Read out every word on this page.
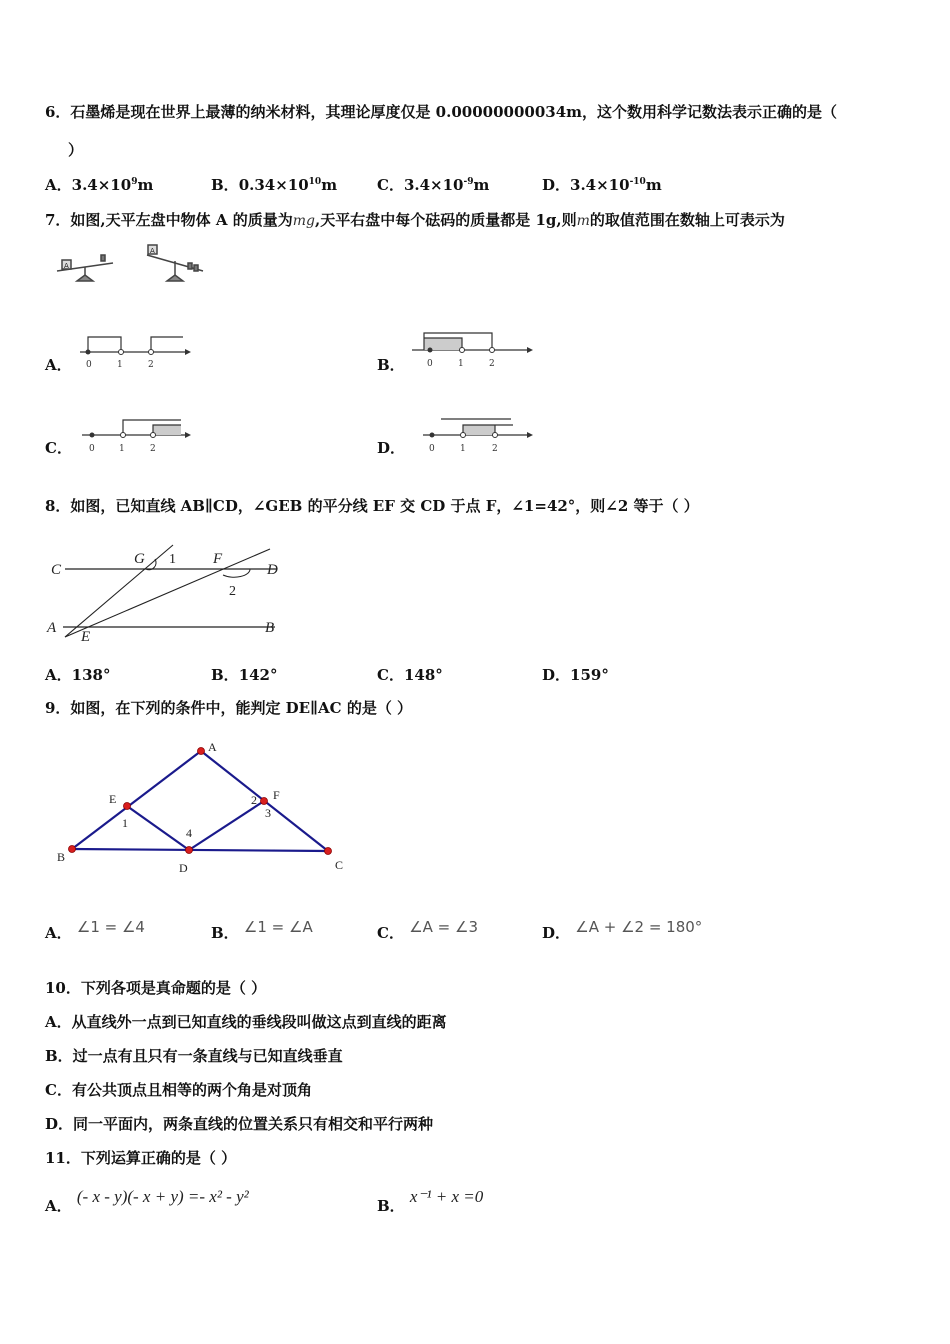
6．石墨烯是现在世界上最薄的纳米材料，其理论厚度仅是 0.00000000034m，这个数用科学记数法表示正确的是（
）
A．$3.4\times 10^9m$	B．$0.34\times 10^{10}m$	C．$3.4\times 10^{-9}m$	D．$3.4\times 10^{-10}m$
7．如图,天平左盘中物体 A 的质量为mg,天平右盘中每个砝码的质量都是 1g,则m的取值范围在数轴上可表示为
A
A
A． 0	1	2	B． 0	1	2
C． 0	1	2	D．	0	1	2
8．如图，已知直线 AB∥CD，∠GEB 的平分线 EF 交 CD 于点 F，∠1=42°，则∠2 等于（ ）
C
G 1 F
D
2
A
E
B
A．138°	B．142°	C．148°	D．159°
9．如图，在下列的条件中，能判定 DE∥AC 的是（ ）
A
E
1
2 F
3
4
B
D	C
A． ∠1 = ∠4	B． ∠1 = ∠A	C． ∠A = ∠3	D． ∠A + ∠2 = 180°
10．下列各项是真命题的是（ ）
A．从直线外一点到已知直线的垂线段叫做这点到直线的距离
B．过一点有且只有一条直线与已知直线垂直
C．有公共顶点且相等的两个角是对顶角
D．同一平面内，两条直线的位置关系只有相交和平行两种
11．下列运算正确的是（ ）
A． (- x - y)(- x + y) =- x² - y²	B． x⁻¹ + x =0
